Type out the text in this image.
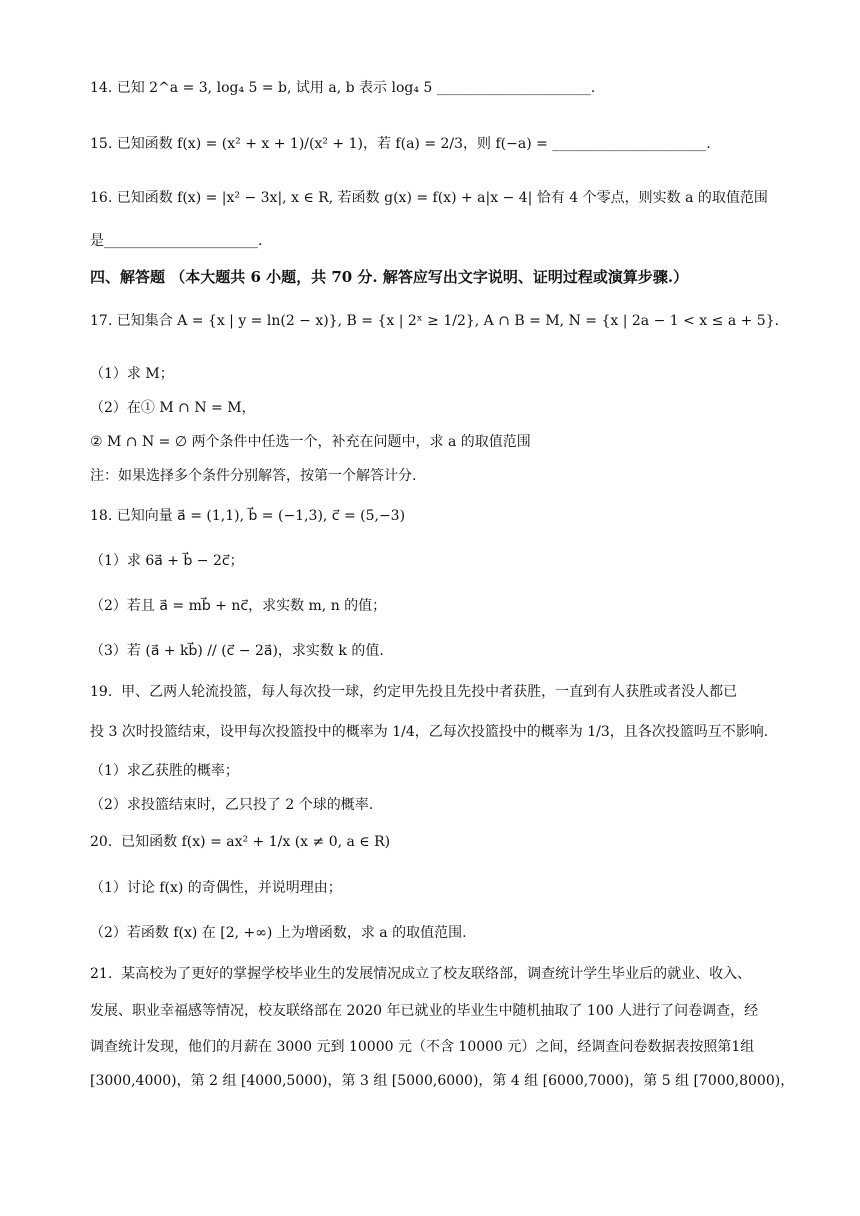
14. 已知 2^a = 3, log₄ 5 = b, 试用 a, b 表示 log₄ 5 ______________________.
15. 已知函数 f(x) = (x² + x + 1)/(x² + 1)，若 f(a) = 2/3，则 f(−a) = ______________________.
16. 已知函数 f(x) = |x² − 3x|, x ∈ R, 若函数 g(x) = f(x) + a|x − 4| 恰有 4 个零点，则实数 a 的取值范围
是______________________.
四、解答题 （本大题共 6 小题，共 70 分. 解答应写出文字说明、证明过程或演算步骤.）
17. 已知集合 A = {x | y = ln(2 − x)}, B = {x | 2ˣ ≥ 1/2}, A ∩ B = M, N = {x | 2a − 1 < x ≤ a + 5}.
（1）求 M；
（2）在① M ∩ N = M，
② M ∩ N = ∅ 两个条件中任选一个，补充在问题中，求 a 的取值范围
注：如果选择多个条件分别解答，按第一个解答计分.
18. 已知向量 a⃗ = (1,1), b⃗ = (−1,3), c⃗ = (5,−3)
（1）求 6a⃗ + b⃗ − 2c⃗；
（2）若且 a⃗ = mb⃗ + nc⃗，求实数 m, n 的值；
（3）若 (a⃗ + kb⃗) // (c⃗ − 2a⃗)，求实数 k 的值.
19.  甲、乙两人轮流投篮，每人每次投一球，约定甲先投且先投中者获胜，一直到有人获胜或者没人都已
投 3 次时投篮结束，设甲每次投篮投中的概率为 1/4，乙每次投篮投中的概率为 1/3，且各次投篮吗互不影响.
（1）求乙获胜的概率；
（2）求投篮结束时，乙只投了 2 个球的概率.
20.  已知函数 f(x) = ax² + 1/x (x ≠ 0, a ∈ R)
（1）讨论 f(x) 的奇偶性，并说明理由；
（2）若函数 f(x) 在 [2, +∞) 上为增函数，求 a 的取值范围.
21.  某高校为了更好的掌握学校毕业生的发展情况成立了校友联络部，调查统计学生毕业后的就业、收入、
发展、职业幸福感等情况，校友联络部在 2020 年已就业的毕业生中随机抽取了 100 人进行了问卷调查，经
调查统计发现，他们的月薪在 3000 元到 10000 元（不含 10000 元）之间，经调查问卷数据表按照第1组
[3000,4000)，第 2 组 [4000,5000)，第 3 组 [5000,6000)，第 4 组 [6000,7000)，第 5 组 [7000,8000)，
